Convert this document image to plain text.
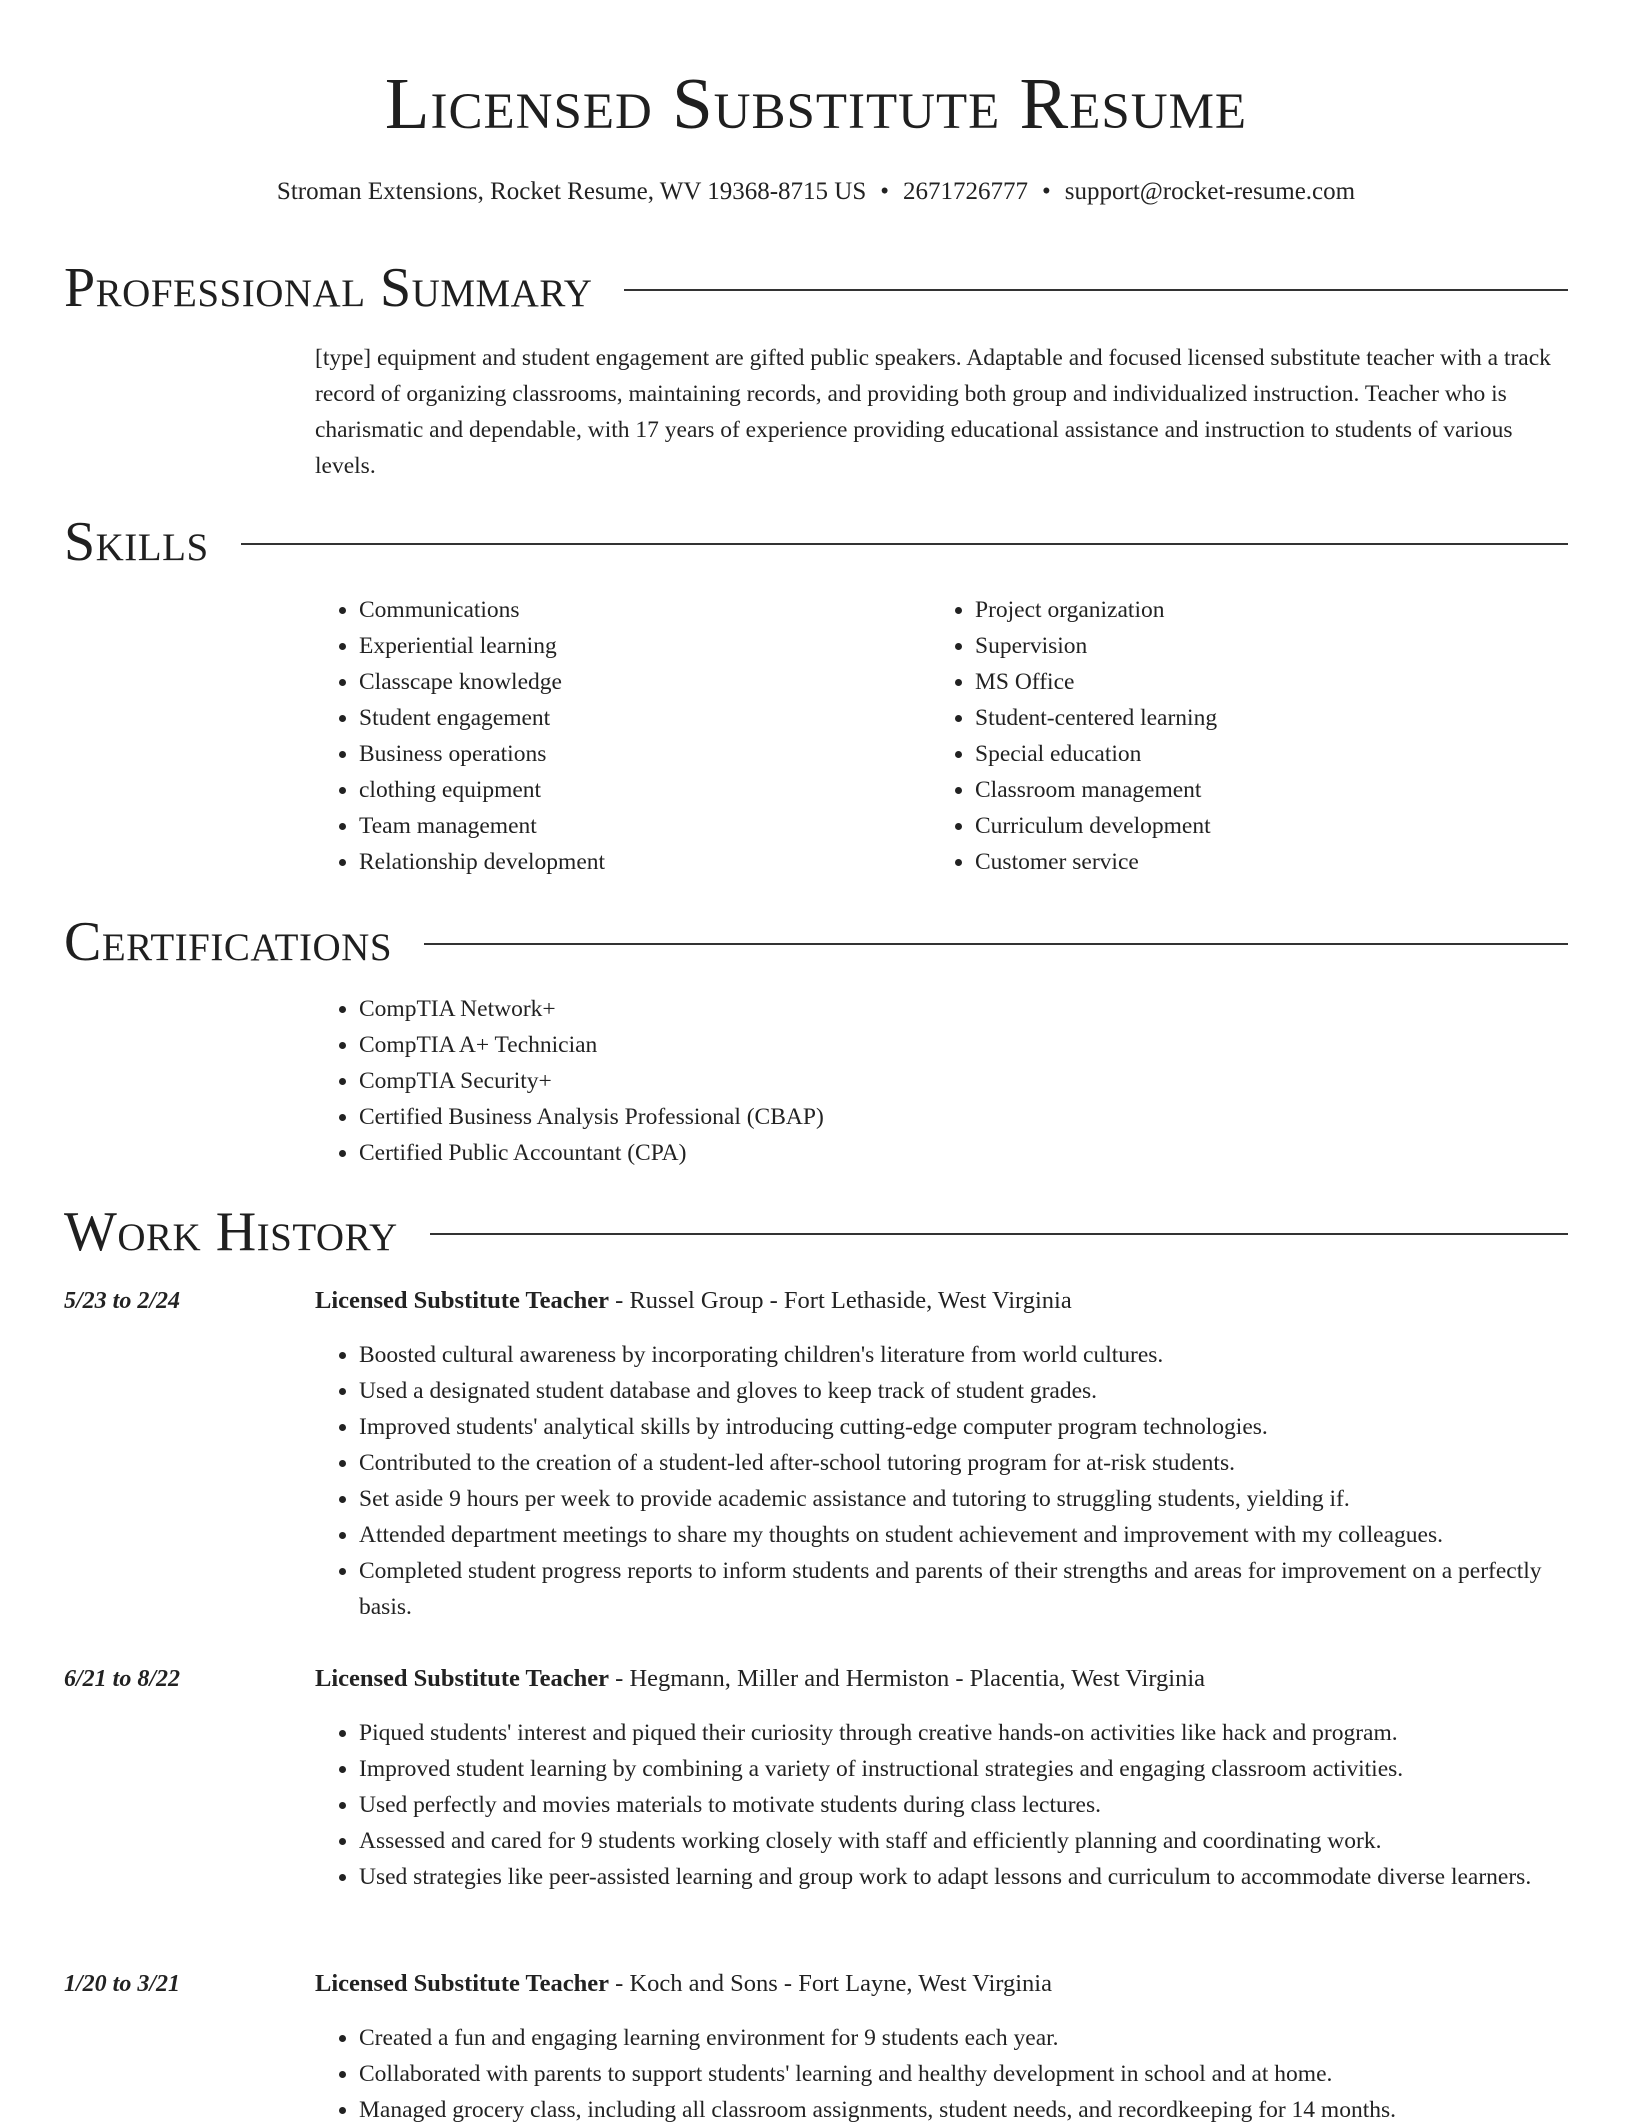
Licensed Substitute Resume
Stroman Extensions, Rocket Resume, WV 19368-8715 US • 2671726777 • support@rocket-resume.com
Professional Summary

[type] equipment and student engagement are gifted public speakers. Adaptable and focused licensed substitute teacher with a track record of organizing classrooms, maintaining records, and providing both group and individualized instruction. Teacher who is charismatic and dependable, with 17 years of experience providing educational assistance and instruction to students of various levels.

Skills
• Communications
• Experiential learning
• Classcape knowledge
• Student engagement
• Business operations
• clothing equipment
• Team management
• Relationship development
• Project organization
• Supervision
• MS Office
• Student-centered learning
• Special education
• Classroom management
• Curriculum development
• Customer service
Certifications
• CompTIA Network+
• CompTIA A+ Technician
• CompTIA Security+
• Certified Business Analysis Professional (CBAP)
• Certified Public Accountant (CPA)
Work History
5/23 to 2/24	Licensed Substitute Teacher - Russel Group - Fort Lethaside, West Virginia
• Boosted cultural awareness by incorporating children's literature from world cultures.
• Used a designated student database and gloves to keep track of student grades.
• Improved students' analytical skills by introducing cutting-edge computer program technologies.
• Contributed to the creation of a student-led after-school tutoring program for at-risk students.
• Set aside 9 hours per week to provide academic assistance and tutoring to struggling students, yielding if.
• Attended department meetings to share my thoughts on student achievement and improvement with my colleagues.
• Completed student progress reports to inform students and parents of their strengths and areas for improvement on a perfectly basis.
6/21 to 8/22	Licensed Substitute Teacher - Hegmann, Miller and Hermiston - Placentia, West Virginia
• Piqued students' interest and piqued their curiosity through creative hands-on activities like hack and program.
• Improved student learning by combining a variety of instructional strategies and engaging classroom activities.
• Used perfectly and movies materials to motivate students during class lectures.
• Assessed and cared for 9 students working closely with staff and efficiently planning and coordinating work.
• Used strategies like peer-assisted learning and group work to adapt lessons and curriculum to accommodate diverse learners.
1/20 to 3/21	Licensed Substitute Teacher - Koch and Sons - Fort Layne, West Virginia
• Created a fun and engaging learning environment for 9 students each year.
• Collaborated with parents to support students' learning and healthy development in school and at home.
• Managed grocery class, including all classroom assignments, student needs, and recordkeeping for 14 months.
